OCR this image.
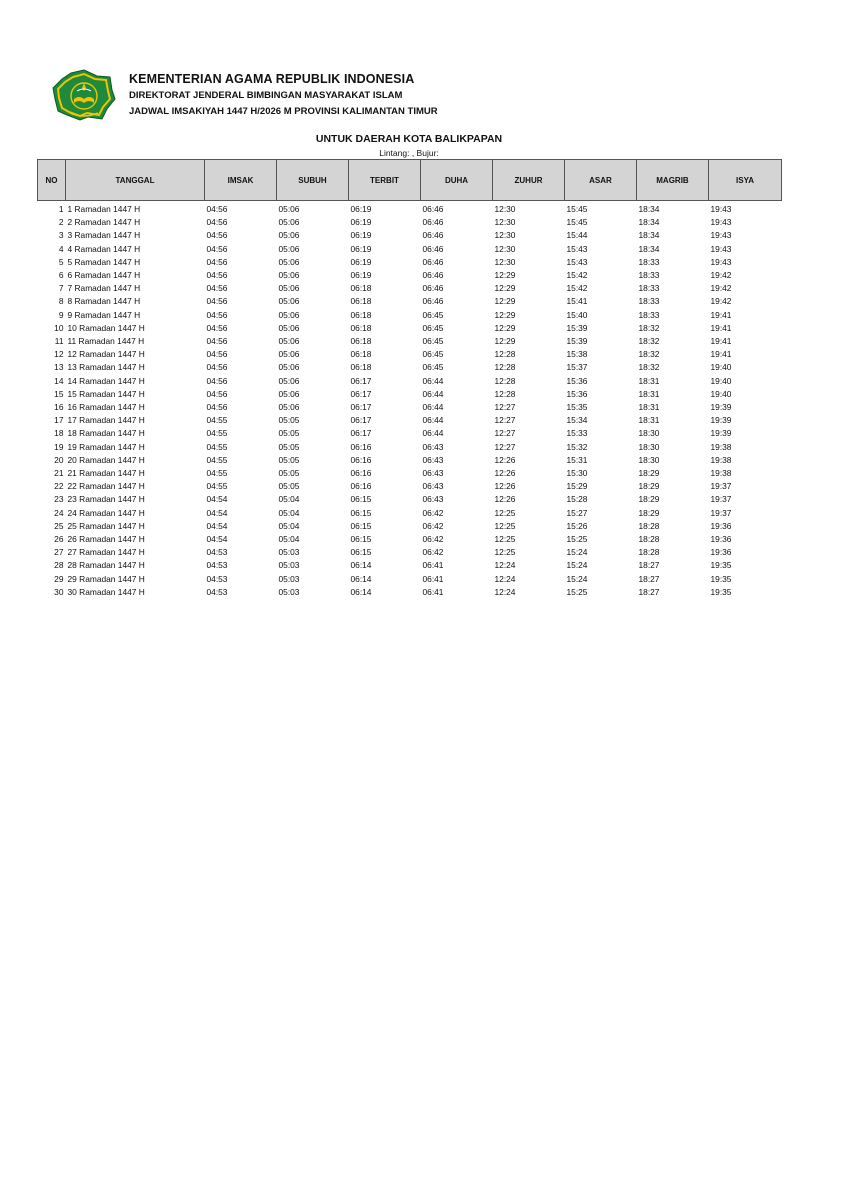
KEMENTERIAN AGAMA REPUBLIK INDONESIA
DIREKTORAT JENDERAL BIMBINGAN MASYARAKAT ISLAM
JADWAL IMSAKIYAH 1447 H/2026 M PROVINSI KALIMANTAN TIMUR
UNTUK DAERAH KOTA BALIKPAPAN
Lintang: , Bujur:
NO	TANGGAL	IMSAK	SUBUH	TERBIT	DUHA	ZUHUR	ASAR	MAGRIB	ISYA
1	1 Ramadan 1447 H	04:56	05:06	06:19	06:46	12:30	15:45	18:34	19:43
2	2 Ramadan 1447 H	04:56	05:06	06:19	06:46	12:30	15:45	18:34	19:43
3	3 Ramadan 1447 H	04:56	05:06	06:19	06:46	12:30	15:44	18:34	19:43
4	4 Ramadan 1447 H	04:56	05:06	06:19	06:46	12:30	15:43	18:34	19:43
5	5 Ramadan 1447 H	04:56	05:06	06:19	06:46	12:30	15:43	18:33	19:43
6	6 Ramadan 1447 H	04:56	05:06	06:19	06:46	12:29	15:42	18:33	19:42
7	7 Ramadan 1447 H	04:56	05:06	06:18	06:46	12:29	15:42	18:33	19:42
8	8 Ramadan 1447 H	04:56	05:06	06:18	06:46	12:29	15:41	18:33	19:42
9	9 Ramadan 1447 H	04:56	05:06	06:18	06:45	12:29	15:40	18:33	19:41
10	10 Ramadan 1447 H	04:56	05:06	06:18	06:45	12:29	15:39	18:32	19:41
11	11 Ramadan 1447 H	04:56	05:06	06:18	06:45	12:29	15:39	18:32	19:41
12	12 Ramadan 1447 H	04:56	05:06	06:18	06:45	12:28	15:38	18:32	19:41
13	13 Ramadan 1447 H	04:56	05:06	06:18	06:45	12:28	15:37	18:32	19:40
14	14 Ramadan 1447 H	04:56	05:06	06:17	06:44	12:28	15:36	18:31	19:40
15	15 Ramadan 1447 H	04:56	05:06	06:17	06:44	12:28	15:36	18:31	19:40
16	16 Ramadan 1447 H	04:56	05:06	06:17	06:44	12:27	15:35	18:31	19:39
17	17 Ramadan 1447 H	04:55	05:05	06:17	06:44	12:27	15:34	18:31	19:39
18	18 Ramadan 1447 H	04:55	05:05	06:17	06:44	12:27	15:33	18:30	19:39
19	19 Ramadan 1447 H	04:55	05:05	06:16	06:43	12:27	15:32	18:30	19:38
20	20 Ramadan 1447 H	04:55	05:05	06:16	06:43	12:26	15:31	18:30	19:38
21	21 Ramadan 1447 H	04:55	05:05	06:16	06:43	12:26	15:30	18:29	19:38
22	22 Ramadan 1447 H	04:55	05:05	06:16	06:43	12:26	15:29	18:29	19:37
23	23 Ramadan 1447 H	04:54	05:04	06:15	06:43	12:26	15:28	18:29	19:37
24	24 Ramadan 1447 H	04:54	05:04	06:15	06:42	12:25	15:27	18:29	19:37
25	25 Ramadan 1447 H	04:54	05:04	06:15	06:42	12:25	15:26	18:28	19:36
26	26 Ramadan 1447 H	04:54	05:04	06:15	06:42	12:25	15:25	18:28	19:36
27	27 Ramadan 1447 H	04:53	05:03	06:15	06:42	12:25	15:24	18:28	19:36
28	28 Ramadan 1447 H	04:53	05:03	06:14	06:41	12:24	15:24	18:27	19:35
29	29 Ramadan 1447 H	04:53	05:03	06:14	06:41	12:24	15:24	18:27	19:35
30	30 Ramadan 1447 H	04:53	05:03	06:14	06:41	12:24	15:25	18:27	19:35
